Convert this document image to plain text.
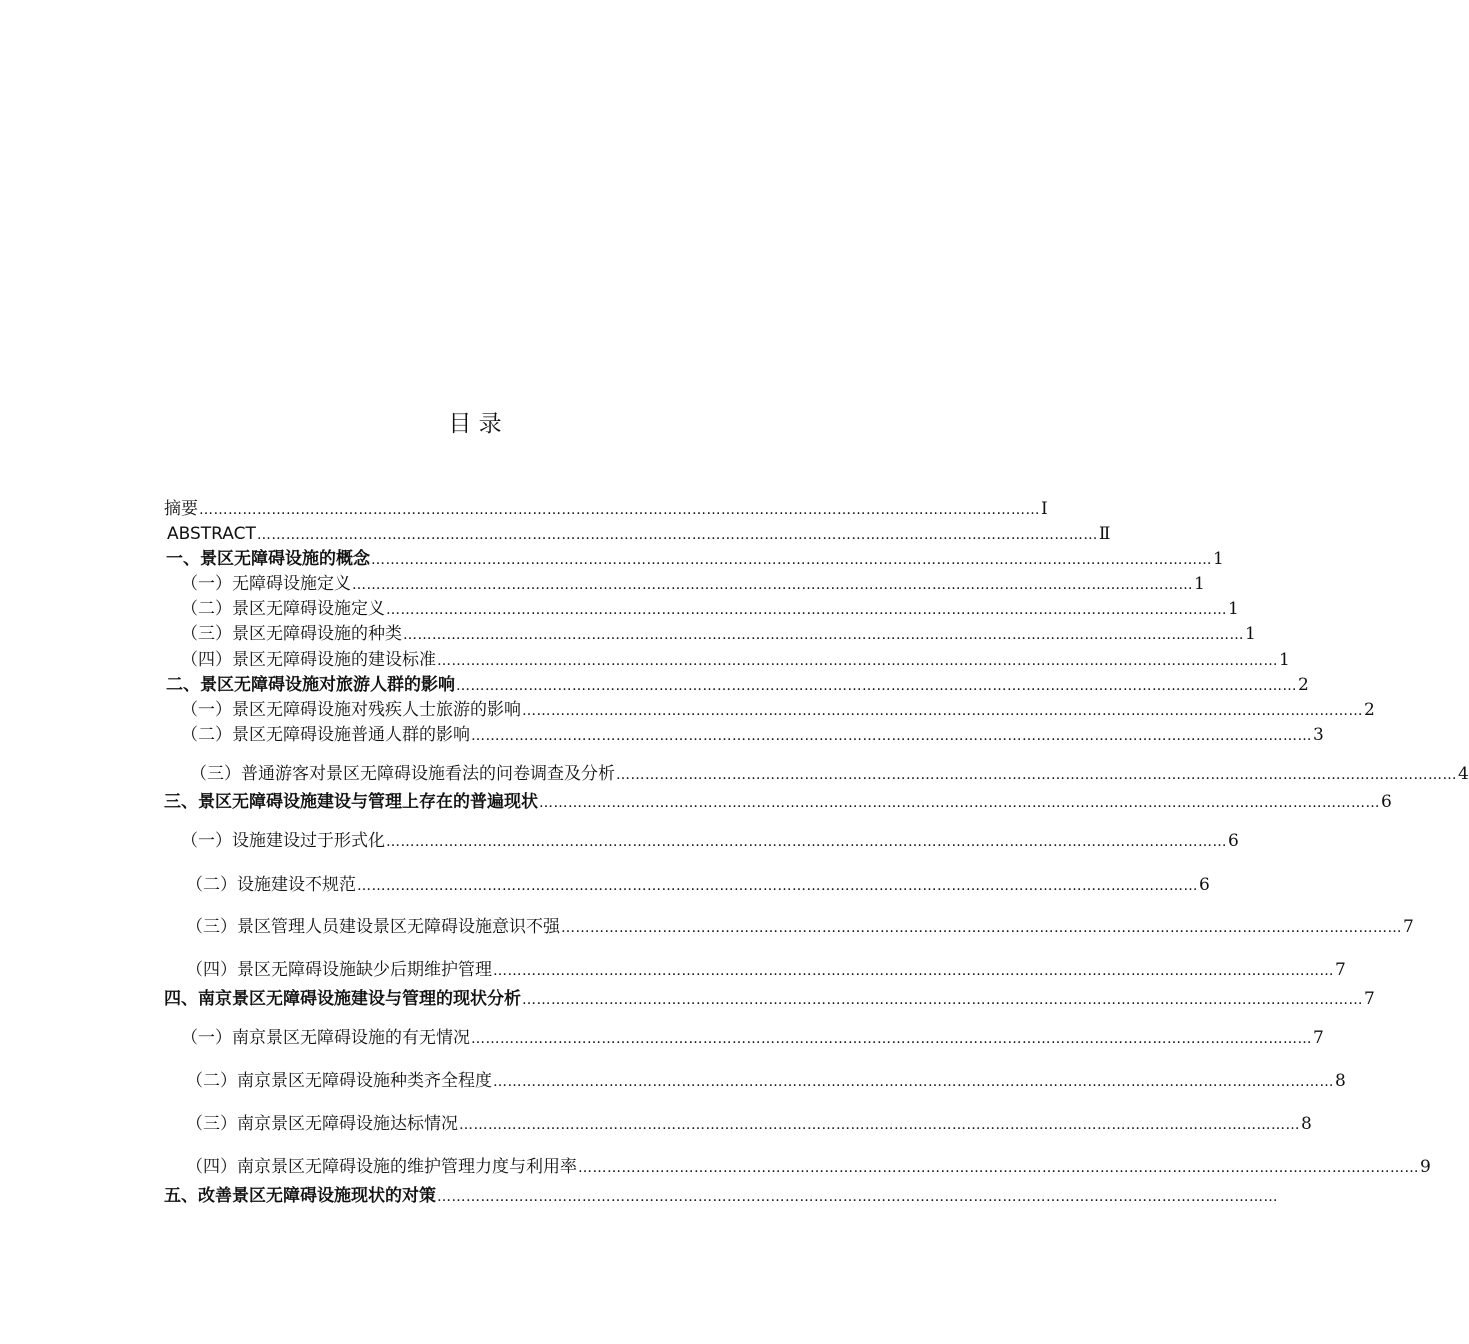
目 录
摘要 ………………………………………………………………………………………………………………………………………………………… Ⅰ
ABSTRACT ………………………………………………………………………………………………………………………………………………………… Ⅱ
一、景区无障碍设施的概念 ………………………………………………………………………………………………………………………………………………………… 1
（一）无障碍设施定义 ………………………………………………………………………………………………………………………………………………………… 1
（二）景区无障碍设施定义 ………………………………………………………………………………………………………………………………………………………… 1
（三）景区无障碍设施的种类 ………………………………………………………………………………………………………………………………………………………… 1
（四）景区无障碍设施的建设标准 ………………………………………………………………………………………………………………………………………………………… 1
二、景区无障碍设施对旅游人群的影响 ………………………………………………………………………………………………………………………………………………………… 2
（一）景区无障碍设施对残疾人士旅游的影响 ………………………………………………………………………………………………………………………………………………………… 2
（二）景区无障碍设施普通人群的影响 ………………………………………………………………………………………………………………………………………………………… 3
（三）普通游客对景区无障碍设施看法的问卷调查及分析 ………………………………………………………………………………………………………………………………………………………… 4
三、景区无障碍设施建设与管理上存在的普遍现状 ………………………………………………………………………………………………………………………………………………………… 6
（一）设施建设过于形式化 ………………………………………………………………………………………………………………………………………………………… 6
（二）设施建设不规范 ………………………………………………………………………………………………………………………………………………………… 6
（三）景区管理人员建设景区无障碍设施意识不强 ………………………………………………………………………………………………………………………………………………………… 7
（四）景区无障碍设施缺少后期维护管理 ………………………………………………………………………………………………………………………………………………………… 7
四、南京景区无障碍设施建设与管理的现状分析 ………………………………………………………………………………………………………………………………………………………… 7
（一）南京景区无障碍设施的有无情况 ………………………………………………………………………………………………………………………………………………………… 7
（二）南京景区无障碍设施种类齐全程度 ………………………………………………………………………………………………………………………………………………………… 8
（三）南京景区无障碍设施达标情况 ………………………………………………………………………………………………………………………………………………………… 8
（四）南京景区无障碍设施的维护管理力度与利用率 ………………………………………………………………………………………………………………………………………………………… 9
五、改善景区无障碍设施现状的对策 …………………………………………………………………………………………………………………………………………………………
